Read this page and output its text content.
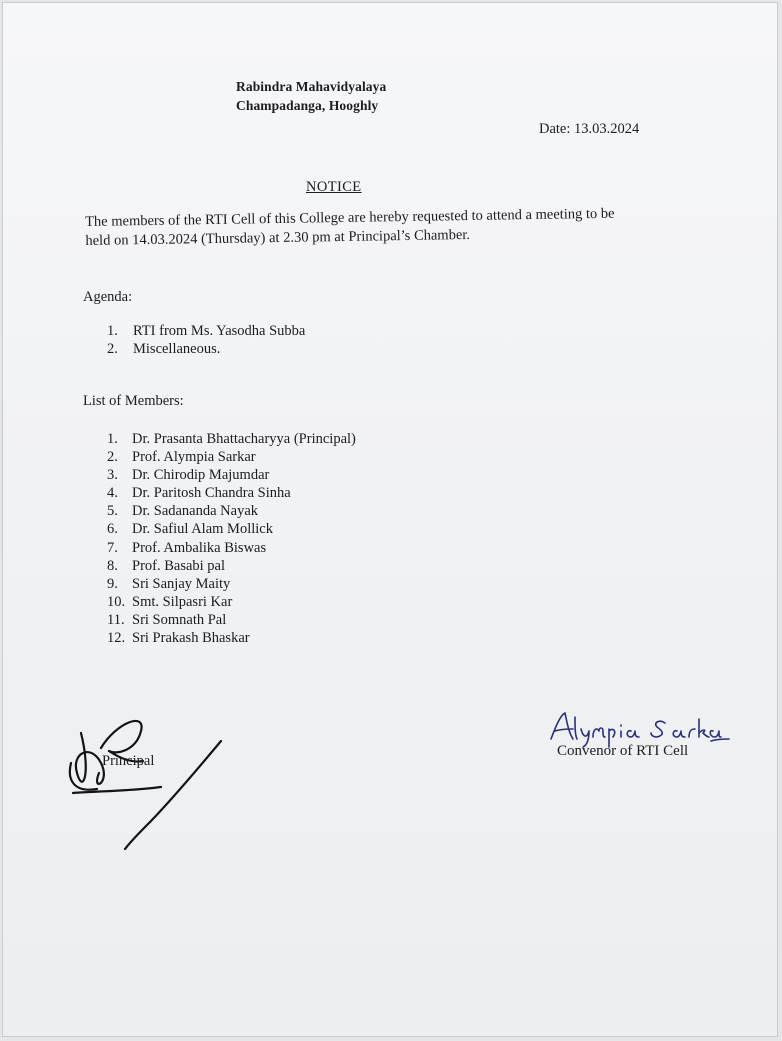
Rabindra Mahavidyalaya
Champadanga, Hooghly
Date: 13.03.2024
NOTICE
The members of the RTI Cell of this College are hereby requested to attend a meeting to be
held on 14.03.2024 (Thursday) at 2.30 pm at Principal’s Chamber.
Agenda:
1.	RTI from Ms. Yasodha Subba
2.	Miscellaneous.
List of Members:
1. Dr. Prasanta Bhattacharyya (Principal)
2. Prof. Alympia Sarkar
3. Dr. Chirodip Majumdar
4. Dr. Paritosh Chandra Sinha
5. Dr. Sadananda Nayak
6. Dr. Safiul Alam Mollick
7. Prof. Ambalika Biswas
8. Prof. Basabi pal
9. Sri Sanjay Maity
10. Smt. Silpasri Kar
11. Sri Somnath Pal
12. Sri Prakash Bhaskar
Principal
Convenor of RTI Cell
